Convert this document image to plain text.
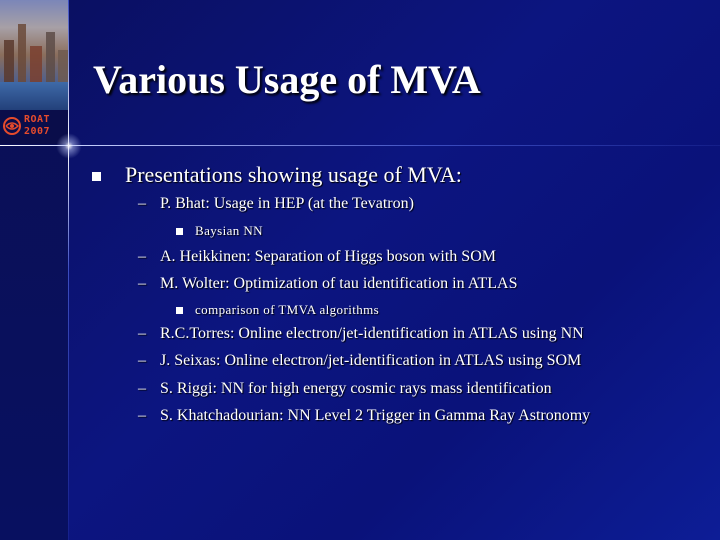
ROAT
2007
Various Usage of MVA
Presentations showing usage of MVA:
– P. Bhat: Usage in HEP (at the Tevatron)
Baysian NN
– A. Heikkinen: Separation of Higgs boson with SOM
– M. Wolter: Optimization of tau identification in ATLAS
comparison of TMVA algorithms
– R.C.Torres: Online electron/jet-identification in ATLAS using NN
– J. Seixas: Online electron/jet-identification in ATLAS using SOM
– S. Riggi: NN for high energy cosmic rays mass identification
– S. Khatchadourian: NN Level 2 Trigger in Gamma Ray Astronomy
